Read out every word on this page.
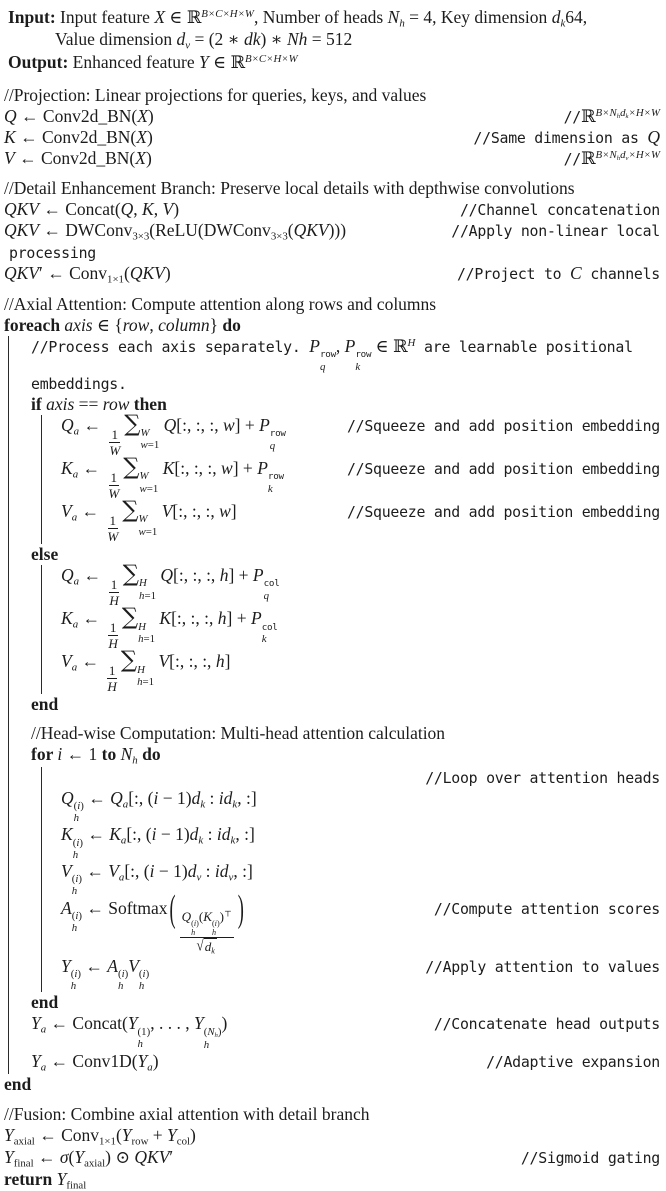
Input: Input feature X ∈ ℝ$^{B\times C\times H\times W}$, Number of heads Nh = 4, Key dimension dk64,
Value dimension dv = (2 ∗ dk) ∗ Nh = 512
Output: Enhanced feature Y ∈ ℝ$^{B\times C\times H\times W}$
//Projection: Linear projections for queries, keys, and values
Q ← Conv2d_BN(X)	//ℝ$^{B\times Nhdk\times H\times W}$
K ← Conv2d_BN(X)	//Same dimension as Q
V ← Conv2d_BN(X)	//ℝ$^{B\times Nhdv\times H\times W}$
//Detail Enhancement Branch: Preserve local details with depthwise convolutions
QKV ← Concat(Q, K, V)	//Channel concatenation
QKV ← DWConv3×3(ReLU(DWConv3×3(QKV)))	//Apply non-linear local
processing
QKV′ ← Conv1×1(QKV)	//Project to C channels
//Axial Attention: Compute attention along rows and columns
foreach axis ∈ {row, column} do
//Process each axis separately. P row
q
, P row
k
∈ ℝ$^H$ are learnable positional
embeddings.
if axis == row then
Qa ←
$\frac{1}{W}$
∑ W
w=1
Q[:, :, :, w] + P row
q
//Squeeze and add position embedding
Ka ←
$\frac{1}{W}$
∑ W
w=1
K[:, :, :, w] + P row
k
//Squeeze and add position embedding
Va ←
$\frac{1}{W}$
∑ W
w=1
V[:, :, :, w]	//Squeeze and add position embedding
else
Qa ←
$\frac{1}{H}$
∑ H
h=1
Q[:, :, :, h] + P col
q
Ka ←
$\frac{1}{H}$
∑ H
h=1
K[:, :, :, h] + P col
k
Va ←
$\frac{1}{H}$
∑ H
h=1
V[:, :, :, h]
end
//Head-wise Computation: Multi-head attention calculation
for i ← 1 to Nh do
//Loop over attention heads
Q (i)
h
← Qa[:, (i − 1)dk : idk, :]
K (i)
h
← Ka[:, (i − 1)dk : idk, :]
V (i)
h
← Va[:, (i − 1)dv : idv, :]
A (i)
h
← Softmax (
Q (i)
h
(K (i)
h
)⊤
√ dk
)	//Compute attention scores
Y (i)
h
← A (i)
h
V (i)
h
//Apply attention to values
end
Ya ← Concat(Y (1)
h
, . . . , Y (Nh)
h
)	//Concatenate head outputs
Ya ← Conv1D(Ya)	//Adaptive expansion
end
//Fusion: Combine axial attention with detail branch
Yaxial ← Conv1×1(Yrow + Ycol)
Yfinal ← σ(Yaxial) ⊙ QKV′	//Sigmoid gating
return Yfinal
